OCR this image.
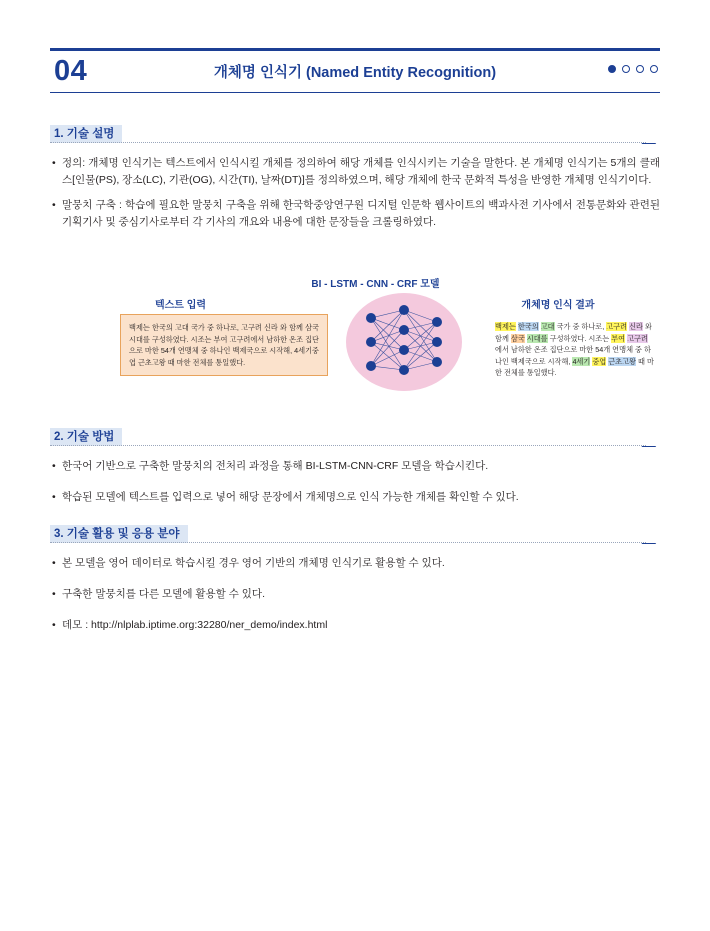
04	개체명 인식기 (Named Entity Recognition)
1. 기술 설명
• 정의: 개체명 인식기는 텍스트에서 인식시킬 개체를 정의하여 해당 개체를 인식시키는 기술을 말한다. 본 개체명 인식기는 5개의 클래스[인물(PS), 장소(LC), 기관(OG), 시간(TI), 날짜(DT)]를 정의하였으며, 해당 개체에 한국 문화적 특성을 반영한 개체명 인식기이다.
• 말뭉치 구축 : 학습에 필요한 말뭉치 구축을 위해 한국학중앙연구원 디지털 인문학 웹사이트의 백과사전 기사에서 전통문화와 관련된 기획기사 및 중심기사로부터 각 기사의 개요와 내용에 대한 문장들을 크롤링하였다.
텍스트 입력
BI - LSTM - CNN - CRF 모델
개체명 인식 결과
백제는 한국의 고대 국가 중 하나로, 고구려 신라 와 함께 삼국 시대를 구성하였다. 시조는 부여 고구려에서 남하한 온조 집단으로 마한 54개 연맹체 중 하나인 백제국으로 시작해, 4세기중엽 근초고왕 때 마한 전체를 통일했다.
백제는 한국의 고대 국가 중 하나로, 고구려 신라 와 함께 삼국 시대를 구성하였다. 시조는 부여 고구려 에서 남하한 온조 집단으로 마한 54개 연맹체 중 하나인 백제국으로 시작해, 4세기 중엽 근초고왕 때 마한 전체를 통일했다.
2. 기술 방법
• 한국어 기반으로 구축한 말뭉치의 전처리 과정을 통해 BI-LSTM-CNN-CRF 모델을 학습시킨다.
• 학습된 모델에 텍스트를 입력으로 넣어 해당 문장에서 개체명으로 인식 가능한 개체를 확인할 수 있다.
3. 기술 활용 및 응용 분야
• 본 모델을 영어 데이터로 학습시킬 경우 영어 기반의 개체명 인식기로 활용할 수 있다.
• 구축한 말뭉치를 다른 모델에 활용할 수 있다.
• 데모 : http://nlplab.iptime.org:32280/ner_demo/index.html
